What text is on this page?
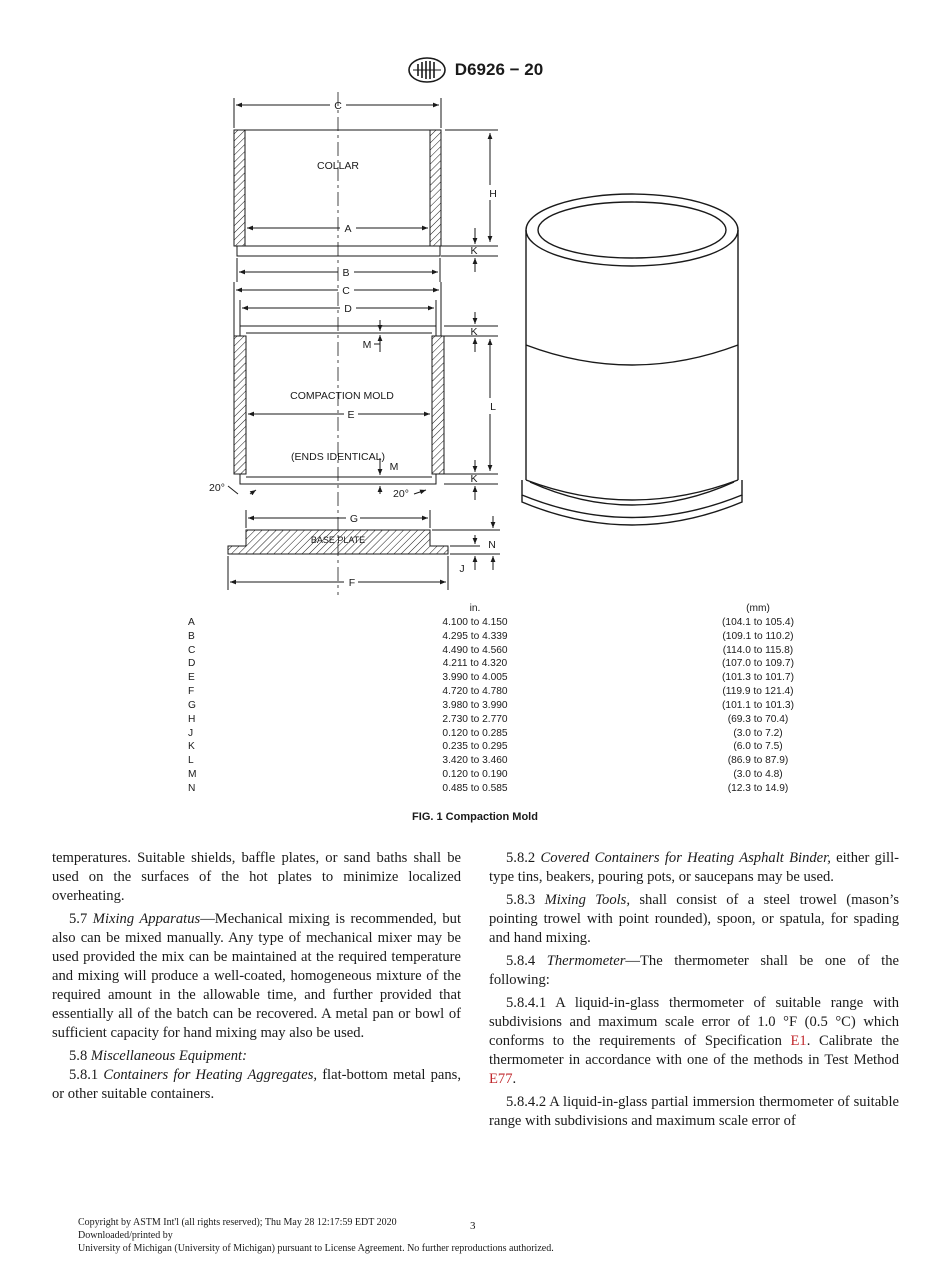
D6926 − 20
C
COLLAR
H
A
K
B
C
D
K
M
COMPACTION MOLD
E
L
(ENDS IDENTICAL)
M
K
20°	20°
G
BASE PLATE	N
J
F
in.	(mm)
A	4.100 to 4.150	(104.1 to 105.4)
B	4.295 to 4.339	(109.1 to 110.2)
C	4.490 to 4.560	(114.0 to 115.8)
D	4.211 to 4.320	(107.0 to 109.7)
E	3.990 to 4.005	(101.3 to 101.7)
F	4.720 to 4.780	(119.9 to 121.4)
G	3.980 to 3.990	(101.1 to 101.3)
H	2.730 to 2.770	(69.3 to 70.4)
J	0.120 to 0.285	(3.0 to 7.2)
K	0.235 to 0.295	(6.0 to 7.5)
L	3.420 to 3.460	(86.9 to 87.9)
M	0.120 to 0.190	(3.0 to 4.8)
N	0.485 to 0.585	(12.3 to 14.9)
FIG. 1 Compaction Mold

temperatures. Suitable shields, baffle plates, or sand baths shall be used on the surfaces of the hot plates to minimize localized overheating.

5.7 Mixing Apparatus—Mechanical mixing is recommended, but also can be mixed manually. Any type of mechanical mixer may be used provided the mix can be maintained at the required temperature and mixing will produce a well-coated, homogeneous mixture of the required amount in the allowable time, and further provided that essentially all of the batch can be recovered. A metal pan or bowl of sufficient capacity for hand mixing may also be used.

5.8 Miscellaneous Equipment:

5.8.1 Containers for Heating Aggregates, flat-bottom metal pans, or other suitable containers.

5.8.2 Covered Containers for Heating Asphalt Binder, either gill-type tins, beakers, pouring pots, or saucepans may be used.

5.8.3 Mixing Tools, shall consist of a steel trowel (mason’s pointing trowel with point rounded), spoon, or spatula, for spading and hand mixing.

5.8.4 Thermometer—The thermometer shall be one of the following:

5.8.4.1 A liquid-in-glass thermometer of suitable range with subdivisions and maximum scale error of 1.0 °F (0.5 °C) which conforms to the requirements of Specification E1. Calibrate the thermometer in accordance with one of the methods in Test Method E77.

5.8.4.2 A liquid-in-glass partial immersion thermometer of suitable range with subdivisions and maximum scale error of

Copyright by ASTM Int'l (all rights reserved); Thu May 28 12:17:59 EDT 2020
Downloaded/printed by
University of Michigan (University of Michigan) pursuant to License Agreement. No further reproductions authorized.
3
